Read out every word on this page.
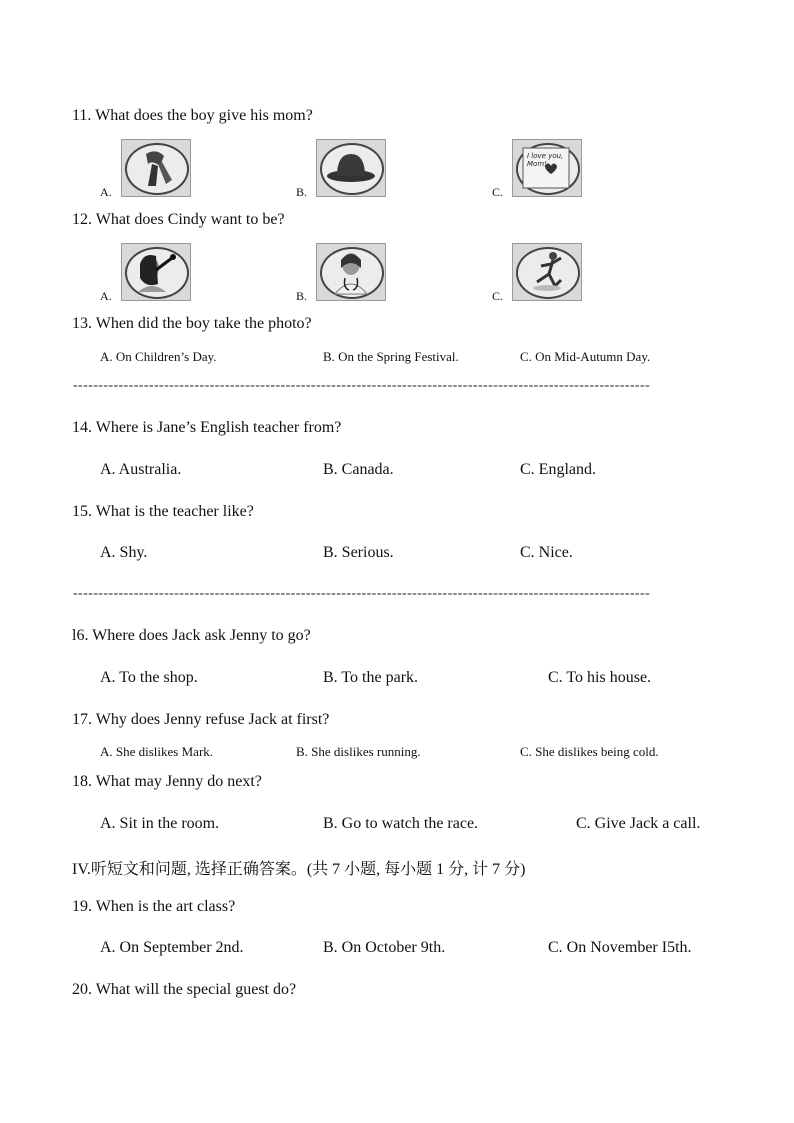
11. What does the boy give his mom?
A.	B.	C.
I love you,
Mom!
12. What does Cindy want to be?
A.	B.	C.
13. When did the boy take the photo?
A. On Children’s Day.	B. On the Spring Festival.	C. On Mid-Autumn Day.
------------------------------------------------------------------------------------------------------------------
14. Where is Jane’s English teacher from?
A. Australia.	B. Canada.	C. England.
15. What is the teacher like?
A. Shy.	B. Serious.	C. Nice.
------------------------------------------------------------------------------------------------------------------
l6. Where does Jack ask Jenny to go?
A. To the shop.	B. To the park.	C. To his house.
17. Why does Jenny refuse Jack at first?
A. She dislikes Mark.	B. She dislikes running.	C. She dislikes being cold.
18. What may Jenny do next?
A. Sit in the room.	B. Go to watch the race.	C. Give Jack a call.
IV.听短文和问题, 选择正确答案。(共 7 小题, 每小题 1 分, 计 7 分)
19. When is the art class?
A. On September 2nd.	B. On October 9th.	C. On November I5th.
20. What will the special guest do?
